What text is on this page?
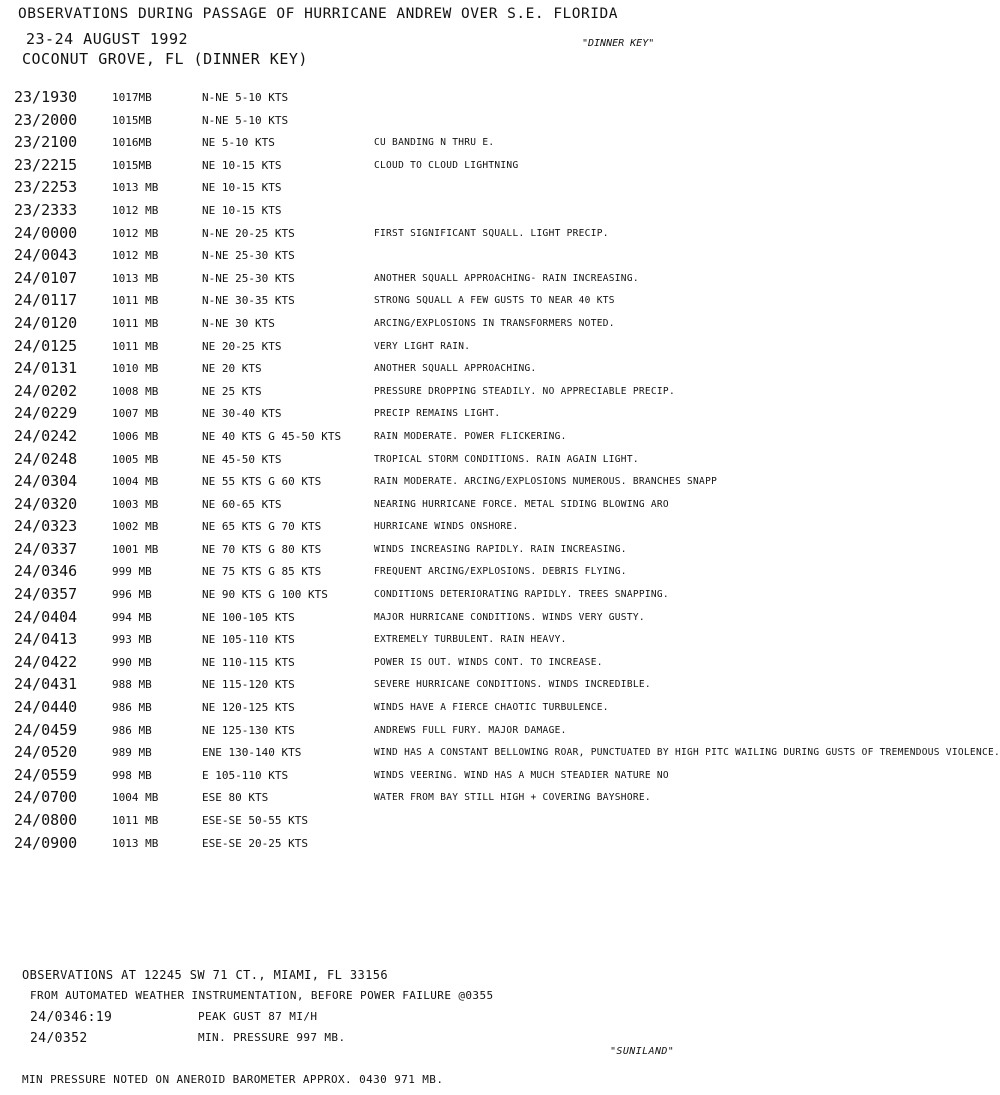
OBSERVATIONS DURING PASSAGE OF HURRICANE ANDREW OVER S.E. FLORIDA
23-24 AUGUST 1992	"DINNER KEY"
COCONUT GROVE, FL (DINNER KEY)
23/1930	1017MB	N-NE 5-10 KTS
23/2000	1015MB	N-NE 5-10 KTS
23/2100	1016MB	NE 5-10 KTS	CU BANDING N THRU E.
23/2215	1015MB	NE 10-15 KTS	CLOUD TO CLOUD LIGHTNING
23/2253	1013 MB	NE 10-15 KTS
23/2333	1012 MB	NE 10-15 KTS
24/0000	1012 MB	N-NE 20-25 KTS	FIRST SIGNIFICANT SQUALL. LIGHT PRECIP.
24/0043	1012 MB	N-NE 25-30 KTS
24/0107	1013 MB	N-NE 25-30 KTS	ANOTHER SQUALL APPROACHING- RAIN INCREASING.
24/0117	1011 MB	N-NE 30-35 KTS	STRONG SQUALL A FEW GUSTS TO NEAR 40 KTS
24/0120	1011 MB	N-NE 30 KTS	ARCING/EXPLOSIONS IN TRANSFORMERS NOTED.
24/0125	1011 MB	NE 20-25 KTS	VERY LIGHT RAIN.
24/0131	1010 MB	NE 20 KTS	ANOTHER SQUALL APPROACHING.
24/0202	1008 MB	NE 25 KTS	PRESSURE DROPPING STEADILY. NO APPRECIABLE PRECIP.
24/0229	1007 MB	NE 30-40 KTS	PRECIP REMAINS LIGHT.
24/0242	1006 MB	NE 40 KTS G 45-50 KTS	RAIN MODERATE. POWER FLICKERING.
24/0248	1005 MB	NE 45-50 KTS	TROPICAL STORM CONDITIONS. RAIN AGAIN LIGHT.
24/0304	1004 MB	NE 55 KTS G 60 KTS	RAIN MODERATE. ARCING/EXPLOSIONS NUMEROUS. BRANCHES SNAPP
24/0320	1003 MB	NE 60-65 KTS	NEARING HURRICANE FORCE. METAL SIDING BLOWING ARO
24/0323	1002 MB	NE 65 KTS G 70 KTS	HURRICANE WINDS ONSHORE.
24/0337	1001 MB	NE 70 KTS G 80 KTS	WINDS INCREASING RAPIDLY. RAIN INCREASING.
24/0346	999 MB	NE 75 KTS G 85 KTS	FREQUENT ARCING/EXPLOSIONS. DEBRIS FLYING.
24/0357	996 MB	NE 90 KTS G 100 KTS	CONDITIONS DETERIORATING RAPIDLY. TREES SNAPPING.
24/0404	994 MB	NE 100-105 KTS	MAJOR HURRICANE CONDITIONS. WINDS VERY GUSTY.
24/0413	993 MB	NE 105-110 KTS	EXTREMELY TURBULENT. RAIN HEAVY.
24/0422	990 MB	NE 110-115 KTS	POWER IS OUT. WINDS CONT. TO INCREASE.
24/0431	988 MB	NE 115-120 KTS	SEVERE HURRICANE CONDITIONS. WINDS INCREDIBLE.
24/0440	986 MB	NE 120-125 KTS	WINDS HAVE A FIERCE CHAOTIC TURBULENCE.
24/0459	986 MB	NE 125-130 KTS	ANDREWS FULL FURY. MAJOR DAMAGE.
24/0520	989 MB	ENE 130-140 KTS	WIND HAS A CONSTANT BELLOWING ROAR, PUNCTUATED BY HIGH PITC WAILING DURING GUSTS OF TREMENDOUS VIOLENCE.
24/0559	998 MB	E 105-110 KTS	WINDS VEERING. WIND HAS A MUCH STEADIER NATURE NO
24/0700	1004 MB	ESE 80 KTS	WATER FROM BAY STILL HIGH + COVERING BAYSHORE.
24/0800	1011 MB	ESE-SE 50-55 KTS
24/0900	1013 MB	ESE-SE 20-25 KTS
OBSERVATIONS AT 12245 SW 71 CT., MIAMI, FL 33156
FROM AUTOMATED WEATHER INSTRUMENTATION, BEFORE POWER FAILURE @0355
24/0346:19	PEAK GUST 87 MI/H
24/0352	MIN. PRESSURE 997 MB.
"SUNILAND"
MIN PRESSURE NOTED ON ANEROID BAROMETER APPROX. 0430 971 MB.
